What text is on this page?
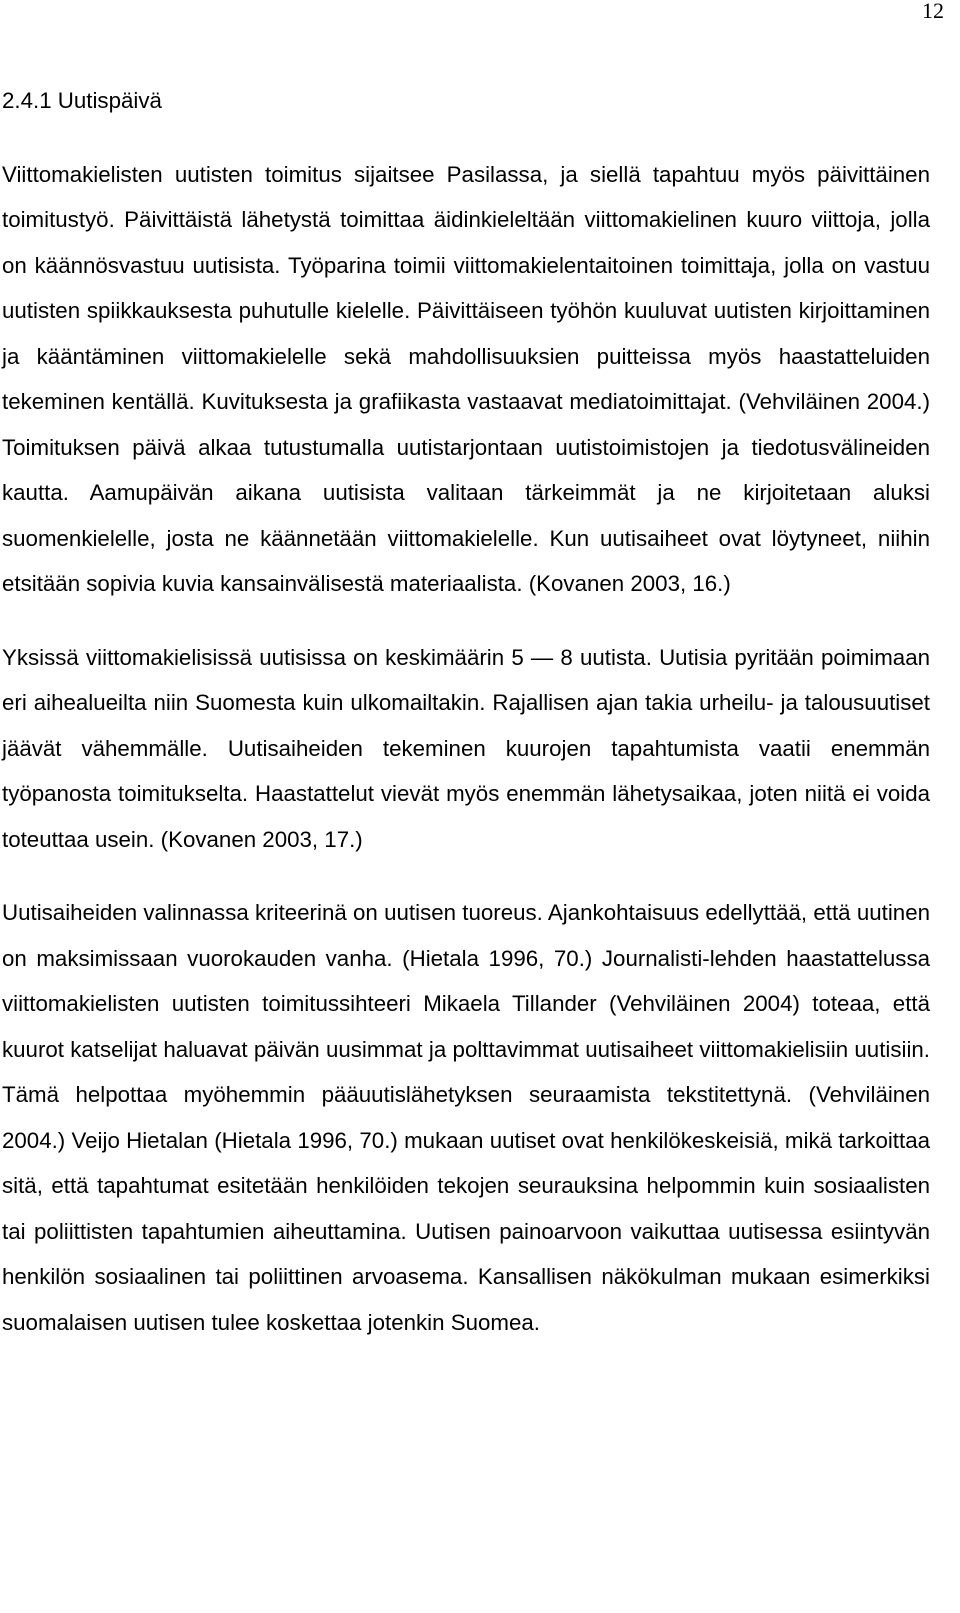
12
2.4.1 Uutispäivä

Viittomakielisten uutisten toimitus sijaitsee Pasilassa, ja siellä tapahtuu myös päivittäinen toimitustyö. Päivittäistä lähetystä toimittaa äidinkieleltään viittomakielinen kuuro viittoja, jolla on käännösvastuu uutisista. Työparina toimii viittomakielentaitoinen toimittaja, jolla on vastuu uutisten spiikkauksesta puhutulle kielelle. Päivittäiseen työhön kuuluvat uutisten kirjoittaminen ja kääntäminen viittomakielelle sekä mahdollisuuksien puitteissa myös haastatteluiden tekeminen kentällä. Kuvituksesta ja grafiikasta vastaavat mediatoimittajat. (Vehviläinen 2004.) Toimituksen päivä alkaa tutustumalla uutistarjontaan uutistoimistojen ja tiedotusvälineiden kautta. Aamupäivän aikana uutisista valitaan tärkeimmät ja ne kirjoitetaan aluksi suomenkielelle, josta ne käännetään viittomakielelle. Kun uutisaiheet ovat löytyneet, niihin etsitään sopivia kuvia kansainvälisestä materiaalista. (Kovanen 2003, 16.)

Yksissä viittomakielisissä uutisissa on keskimäärin 5 — 8 uutista. Uutisia pyritään poimimaan eri aihealueilta niin Suomesta kuin ulkomailtakin. Rajallisen ajan takia urheilu- ja talousuutiset jäävät vähemmälle. Uutisaiheiden tekeminen kuurojen tapahtumista vaatii enemmän työpanosta toimitukselta. Haastattelut vievät myös enemmän lähetysaikaa, joten niitä ei voida toteuttaa usein. (Kovanen 2003, 17.)

Uutisaiheiden valinnassa kriteerinä on uutisen tuoreus. Ajankohtaisuus edellyttää, että uutinen on maksimissaan vuorokauden vanha. (Hietala 1996, 70.) Journalisti-lehden haastattelussa viittomakielisten uutisten toimitussihteeri Mikaela Tillander (Vehviläinen 2004) toteaa, että kuurot katselijat haluavat päivän uusimmat ja polttavimmat uutisaiheet viittomakielisiin uutisiin. Tämä helpottaa myöhemmin pääuutislähetyksen seuraamista tekstitettynä. (Vehviläinen 2004.) Veijo Hietalan (Hietala 1996, 70.) mukaan uutiset ovat henkilökeskeisiä, mikä tarkoittaa sitä, että tapahtumat esitetään henkilöiden tekojen seurauksina helpommin kuin sosiaalisten tai poliittisten tapahtumien aiheuttamina. Uutisen painoarvoon vaikuttaa uutisessa esiintyvän henkilön sosiaalinen tai poliittinen arvoasema. Kansallisen näkökulman mukaan esimerkiksi suomalaisen uutisen tulee koskettaa jotenkin Suomea.
